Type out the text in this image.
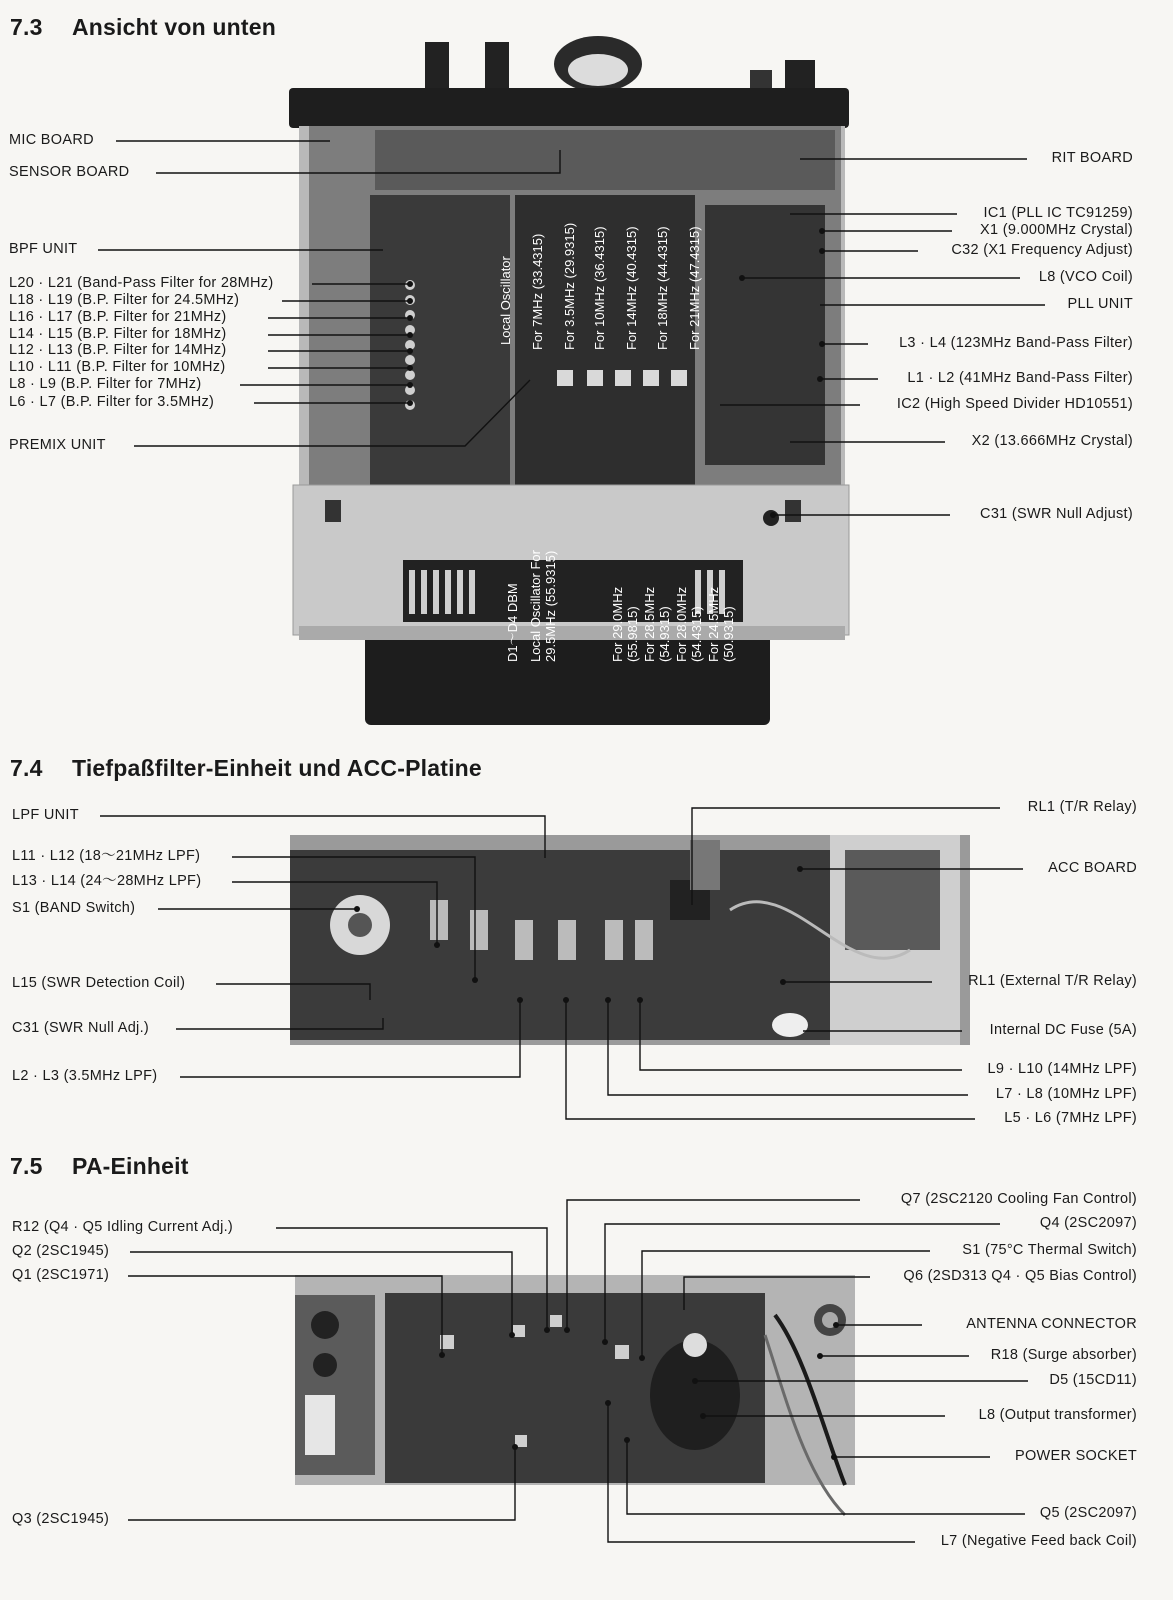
7.3 Ansicht von unten
7.4 Tiefpaßfilter-Einheit und ACC-Platine
7.5 PA-Einheit
Local Oscillator For 7MHz (33.4315) For 3.5MHz (29.9315) For 10MHz (36.4315) For 14MHz (40.4315) For 18MHz (44.4315) For 21MHz (47.4315)
D1～D4 DBM Local Oscillator For 29.5MHz (55.9315)	For 29.0MHz (55.9815) For 28.5MHz (54.9315) For 28.0MHz (54.4315) For 24.5MHz (50.9315)
MIC BOARD
SENSOR BOARD
BPF UNIT
L20 · L21 (Band-Pass Filter for 28MHz)
L18 · L19 (B.P. Filter for 24.5MHz)
L16 · L17 (B.P. Filter for 21MHz)
L14 · L15 (B.P. Filter for 18MHz)
L12 · L13 (B.P. Filter for 14MHz)
L10 · L11 (B.P. Filter for 10MHz)
L8 · L9 (B.P. Filter for 7MHz)
L6 · L7 (B.P. Filter for 3.5MHz)
PREMIX UNIT
RIT BOARD
IC1 (PLL IC TC91259)
X1 (9.000MHz Crystal)
C32 (X1 Frequency Adjust)
L8 (VCO Coil)
PLL UNIT
L3 · L4 (123MHz Band-Pass Filter)
L1 · L2 (41MHz Band-Pass Filter)
IC2 (High Speed Divider HD10551)
X2 (13.666MHz Crystal)
C31 (SWR Null Adjust)
LPF UNIT
L11 · L12 (18～21MHz LPF)
L13 · L14 (24～28MHz LPF)
S1 (BAND Switch)
L15 (SWR Detection Coil)
C31 (SWR Null Adj.)
L2 · L3 (3.5MHz LPF)
RL1 (T/R Relay)
ACC BOARD
RL1 (External T/R Relay)
Internal DC Fuse (5A)
L9 · L10 (14MHz LPF)
L7 · L8 (10MHz LPF)
L5 · L6 (7MHz LPF)
R12 (Q4 · Q5 Idling Current Adj.)
Q2 (2SC1945)
Q1 (2SC1971)
Q3 (2SC1945)
Q7 (2SC2120 Cooling Fan Control)
Q4 (2SC2097)
S1 (75°C Thermal Switch)
Q6 (2SD313 Q4 · Q5 Bias Control)
ANTENNA CONNECTOR
R18 (Surge absorber)
D5 (15CD11)
L8 (Output transformer)
POWER SOCKET
Q5 (2SC2097)
L7 (Negative Feed back Coil)
